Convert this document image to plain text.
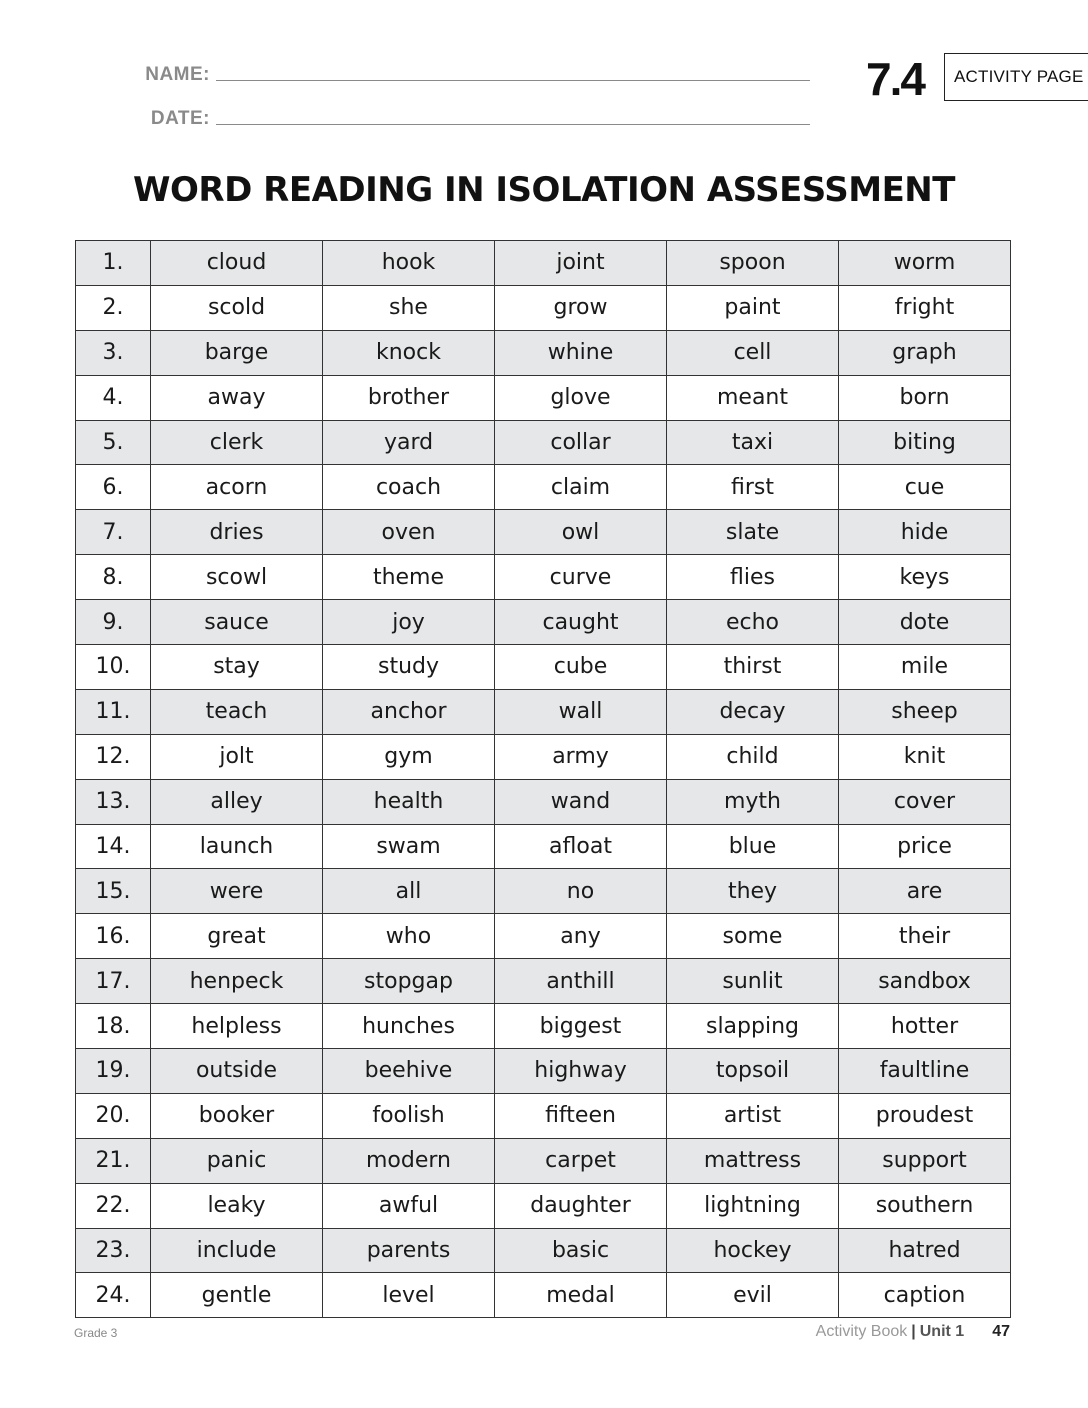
NAME:
DATE:
7.4 ACTIVITY PAGE
WORD READING IN ISOLATION ASSESSMENT
1.	cloud	hook	joint	spoon	worm
2.	scold	she	grow	paint	fright
3.	barge	knock	whine	cell	graph
4.	away	brother	glove	meant	born
5.	clerk	yard	collar	taxi	biting
6.	acorn	coach	claim	first	cue
7.	dries	oven	owl	slate	hide
8.	scowl	theme	curve	flies	keys
9.	sauce	joy	caught	echo	dote
10.	stay	study	cube	thirst	mile
11.	teach	anchor	wall	decay	sheep
12.	jolt	gym	army	child	knit
13.	alley	health	wand	myth	cover
14.	launch	swam	afloat	blue	price
15.	were	all	no	they	are
16.	great	who	any	some	their
17.	henpeck	stopgap	anthill	sunlit	sandbox
18.	helpless	hunches	biggest	slapping	hotter
19.	outside	beehive	highway	topsoil	faultline
20.	booker	foolish	fifteen	artist	proudest
21.	panic	modern	carpet	mattress	support
22.	leaky	awful	daughter	lightning	southern
23.	include	parents	basic	hockey	hatred
24.	gentle	level	medal	evil	caption
Grade 3	Activity Book | Unit 1 47
